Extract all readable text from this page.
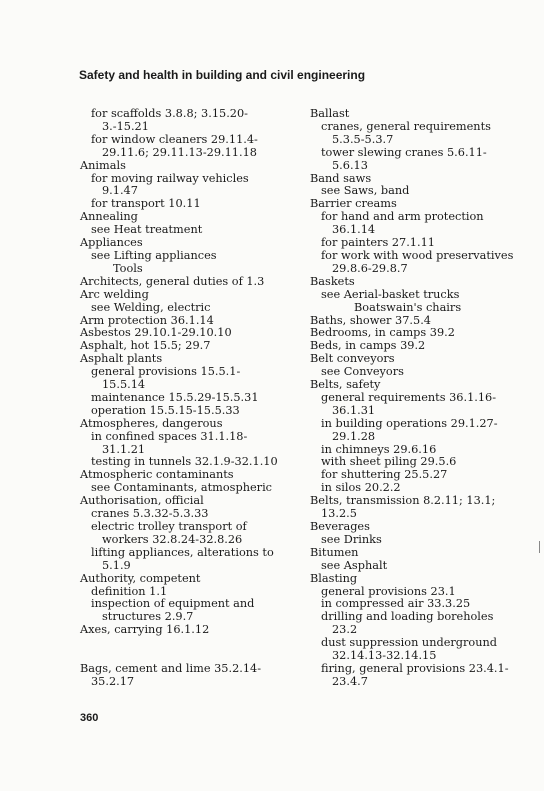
Safety and health in building and civil engineering
for scaffolds 3.8.8; 3.15.20-
3.-15.21
for window cleaners 29.11.4-
29.11.6; 29.11.13-29.11.18
Animals
for moving railway vehicles
9.1.47
for transport 10.11
Annealing
see Heat treatment
Appliances
see Lifting appliances
Tools
Architects, general duties of 1.3
Arc welding
see Welding, electric
Arm protection 36.1.14
Asbestos 29.10.1-29.10.10
Asphalt, hot 15.5; 29.7
Asphalt plants
general provisions 15.5.1-
15.5.14
maintenance 15.5.29-15.5.31
operation 15.5.15-15.5.33
Atmospheres, dangerous
in confined spaces 31.1.18-
31.1.21
testing in tunnels 32.1.9-32.1.10
Atmospheric contaminants
see Contaminants, atmospheric
Authorisation, official
cranes 5.3.32-5.3.33
electric trolley transport of
workers 32.8.24-32.8.26
lifting appliances, alterations to
5.1.9
Authority, competent
definition 1.1
inspection of equipment and
structures 2.9.7
Axes, carrying 16.1.12
Bags, cement and lime 35.2.14-
35.2.17
Ballast
cranes, general requirements
5.3.5-5.3.7
tower slewing cranes 5.6.11-
5.6.13
Band saws
see Saws, band
Barrier creams
for hand and arm protection
36.1.14
for painters 27.1.11
for work with wood preservatives
29.8.6-29.8.7
Baskets
see Aerial-basket trucks
Boatswain's chairs
Baths, shower 37.5.4
Bedrooms, in camps 39.2
Beds, in camps 39.2
Belt conveyors
see Conveyors
Belts, safety
general requirements 36.1.16-
36.1.31
in building operations 29.1.27-
29.1.28
in chimneys 29.6.16
with sheet piling 29.5.6
for shuttering 25.5.27
in silos 20.2.2
Belts, transmission 8.2.11; 13.1;
13.2.5
Beverages
see Drinks
Bitumen
see Asphalt
Blasting
general provisions 23.1
in compressed air 33.3.25
drilling and loading boreholes
23.2
dust suppression underground
32.14.13-32.14.15
firing, general provisions 23.4.1-
23.4.7
360
